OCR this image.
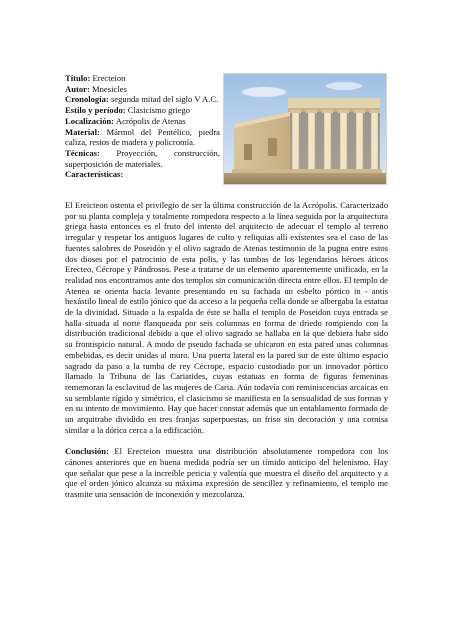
Título: Erecteion
Autor: Mnesicles
Cronología: segunda mitad del siglo V A.C.
Estilo y período: Clasicismo griego
Localización: Acrópolis de Atenas
Material: Mármol del Pentélico, piedra caliza, restos de madera y policromía.
Técnicas: Proyección, construcción, superposición de materiales.
Características:

El Ereicteon ostenta el privilegio de ser la última construcción de la Acrópolis. Caracterizado por su planta compleja y totalmente rompedora respecto a la línea seguida por la arquitectura griega hasta entonces es el fruto del intento del arquitecto de adecuar el templo al terreno irregular y respetar los antiguos lugares de culto y reliquias allí existentes sea el caso de las fuentes salobres de Poseidón y el olivo sagrado de Atenas testimonio de la pugna entre estos dos dioses por el patrocinio de esta polis, y las tumbas de los legendarios héroes áticos Erecteo, Cécrope y Pándrosos. Pese a tratarse de un elemento aparentemente unificado, en la realidad nos encontramos ante dos templos sin comunicación directa entre ellos. El templo de Atenea se orienta hacia levante presentando en su fachada un esbelto pórtico in - antis hexástilo lineal de estilo jónico que da acceso a la pequeña cella donde se albergaba la estatua de la divinidad. Situado a la espalda de éste se halla el templo de Poseidon cuya entrada se halla situada al norte flanqueada por seis columnas en forma de driedo rompiendo con la distribución tradicional debido a que el olivo sagrado se hallaba en la que debiera habr sido su frontispicio natural. A modo de pseudo fachada se ubicaron en esta pared unas columnas embebidas, es decir unidas al muro. Una puerta lateral en la pared sur de este último espacio sagrado da paso a la tumba de rey Cécrope, espacio custodiado por un innovador pórtico llamado la Tribuna de las Cariatides, cuyas estatuas en forma de figuras femeninas rememoran la esclavitud de las mujeres de Caria. Aún todavía con reminiscencias arcaicas en su semblante rígido y simétrico, el clasicismo se manifiesta en la sensualidad de sus formas y en su intento de movimiento. Hay que hacer constar además que un entablamento formado de un arquitrabe dividido en tres franjas superpuestas, un friso sin decoración y una cornisa similar a la dórica cerca a la edificación.

Conclusión: El Erecteion muestra una distribución absolutamente rompedora con los cánones anteriores que en buena medida podría ser un tímido anticipo del helenismo. Hay que señalar que pese a la increíble pericia y valentía que muestra el diseño del arquitecto y a que el orden jónico alcanza su máxima expresión de sencillez y refinamiento, el templo me trasmite una sensación de inconexión y mezcolanza.
